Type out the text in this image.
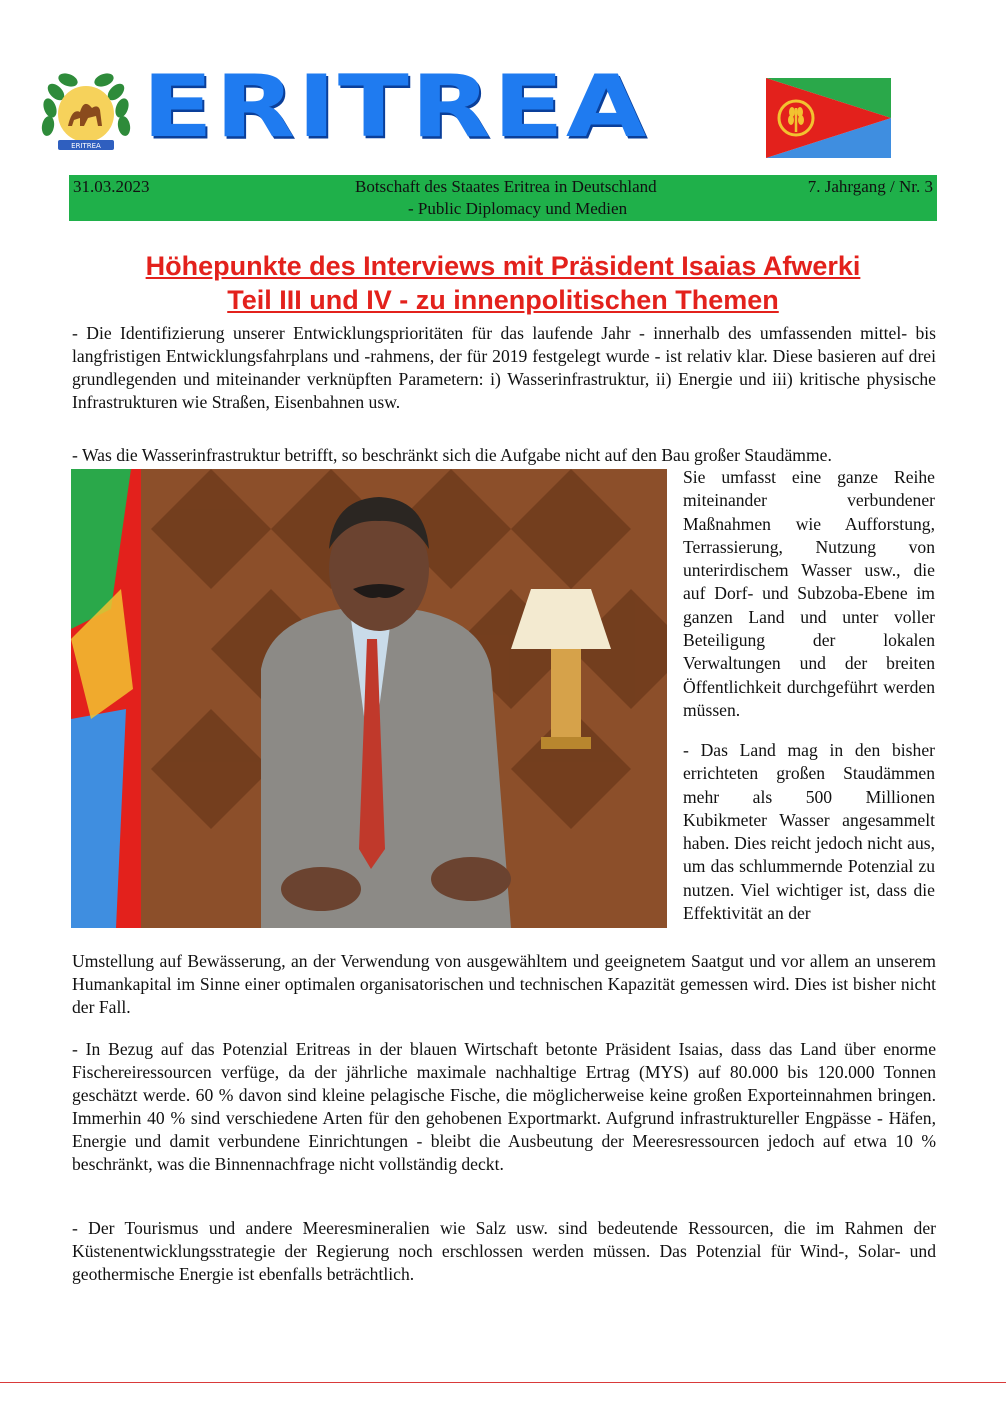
ERITREA ERITREA
31.03.2023	Botschaft des Staates Eritrea in Deutschland
- Public Diplomacy und Medien
7. Jahrgang / Nr. 3
Höhepunkte des Interviews mit Präsident Isaias Afwerki
Teil III und IV - zu innenpolitischen Themen

- Die Identifizierung unserer Entwicklungsprioritäten für das laufende Jahr - innerhalb des umfassenden mittel- bis langfristigen Entwicklungsfahrplans und -rahmens, der für 2019 festgelegt wurde - ist relativ klar. Diese basieren auf drei grundlegenden und miteinander verknüpften Parametern: i) Wasserinfrastruktur, ii) Energie und iii) kritische physische Infrastrukturen wie Straßen, Eisenbahnen usw.

- Was die Wasserinfrastruktur betrifft, so beschränkt sich die Aufgabe nicht auf den Bau großer Staudämme.

Sie umfasst eine ganze Reihe miteinander verbundener Maßnahmen wie Aufforstung, Terrassierung, Nutzung von unterirdischem Wasser usw., die auf Dorf- und Subzoba-Ebene im ganzen Land und unter voller Beteiligung der lokalen Verwaltungen und der breiten Öffentlichkeit durchgeführt werden müssen.

- Das Land mag in den bisher errichteten großen Staudämmen mehr als 500 Millionen Kubikmeter Wasser angesammelt haben. Dies reicht jedoch nicht aus, um das schlummernde Potenzial zu nutzen. Viel wichtiger ist, dass die Effektivität an der

Umstellung auf Bewässerung, an der Verwendung von ausgewähltem und geeignetem Saatgut und vor allem an unserem Humankapital im Sinne einer optimalen organisatorischen und technischen Kapazität gemessen wird. Dies ist bisher nicht der Fall.

- In Bezug auf das Potenzial Eritreas in der blauen Wirtschaft betonte Präsident Isaias, dass das Land über enorme Fischereiressourcen verfüge, da der jährliche maximale nachhaltige Ertrag (MYS) auf 80.000 bis 120.000 Tonnen geschätzt werde. 60 % davon sind kleine pelagische Fische, die möglicherweise keine großen Exporteinnahmen bringen. Immerhin 40 % sind verschiedene Arten für den gehobenen Exportmarkt. Aufgrund infrastruktureller Engpässe - Häfen, Energie und damit verbundene Einrichtungen - bleibt die Ausbeutung der Meeresressourcen jedoch auf etwa 10 % beschränkt, was die Binnennachfrage nicht vollständig deckt.

- Der Tourismus und andere Meeresmineralien wie Salz usw. sind bedeutende Ressourcen, die im Rahmen der Küstenentwicklungsstrategie der Regierung noch erschlossen werden müssen. Das Potenzial für Wind-, Solar- und geothermische Energie ist ebenfalls beträchtlich.
